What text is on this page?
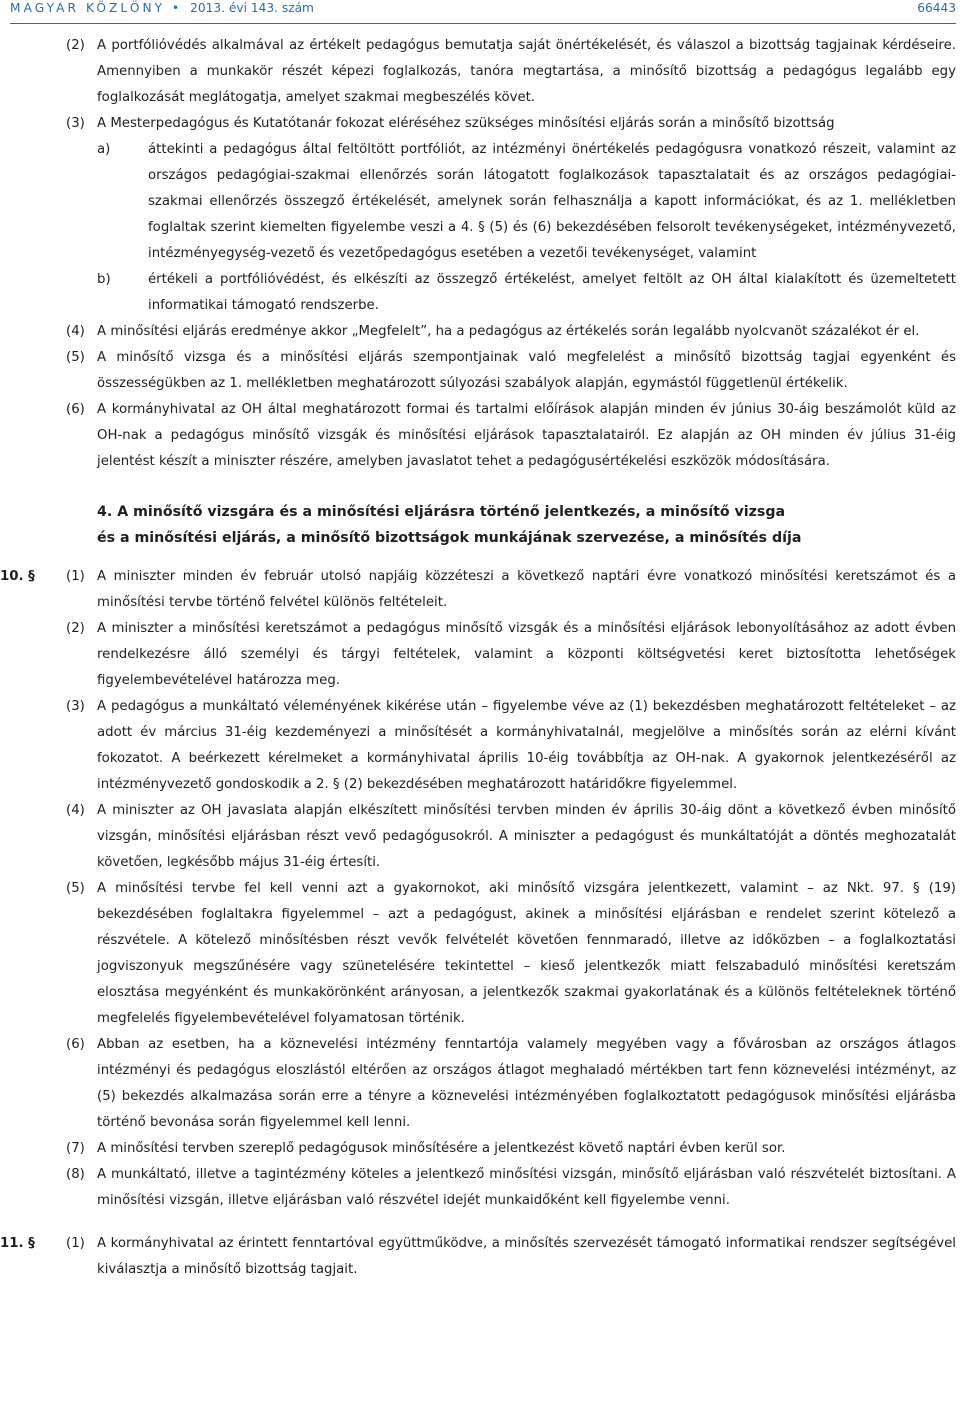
MAGYAR KÖZLÖNY • 2013. évi 143. szám	66443
(2) A portfólióvédés alkalmával az értékelt pedagógus bemutatja saját önértékelését, és válaszol a bizottság tagjainak kérdéseire. Amennyiben a munkakör részét képezi foglalkozás, tanóra megtartása, a minősítő bizottság a pedagógus legalább egy foglalkozását meglátogatja, amelyet szakmai megbeszélés követ.
(3) A Mesterpedagógus és Kutatótanár fokozat eléréséhez szükséges minősítési eljárás során a minősítő bizottság
a)	áttekinti a pedagógus által feltöltött portfóliót, az intézményi önértékelés pedagógusra vonatkozó részeit, valamint az országos pedagógiai-szakmai ellenőrzés során látogatott foglalkozások tapasztalatait és az országos pedagógiai-szakmai ellenőrzés összegző értékelését, amelynek során felhasználja a kapott információkat, és az 1. mellékletben foglaltak szerint kiemelten figyelembe veszi a 4. § (5) és (6) bekezdésében felsorolt tevékenységeket, intézményvezető, intézményegység-vezető és vezetőpedagógus esetében a vezetői tevékenységet, valamint
b)	értékeli a portfólióvédést, és elkészíti az összegző értékelést, amelyet feltölt az OH által kialakított és üzemeltetett informatikai támogató rendszerbe.
(4) A minősítési eljárás eredménye akkor „Megfelelt”, ha a pedagógus az értékelés során legalább nyolcvanöt százalékot ér el.
(5) A minősítő vizsga és a minősítési eljárás szempontjainak való megfelelést a minősítő bizottság tagjai egyenként és összességükben az 1. mellékletben meghatározott súlyozási szabályok alapján, egymástól függetlenül értékelik.
(6) A kormányhivatal az OH által meghatározott formai és tartalmi előírások alapján minden év június 30-áig beszámolót küld az OH-nak a pedagógus minősítő vizsgák és minősítési eljárások tapasztalatairól. Ez alapján az OH minden év július 31-éig jelentést készít a miniszter részére, amelyben javaslatot tehet a pedagógusértékelési eszközök módosítására.
4. A minősítő vizsgára és a minősítési eljárásra történő jelentkezés, a minősítő vizsga
és a minősítési eljárás, a minősítő bizottságok munkájának szervezése, a minősítés díja
10. § (1) A miniszter minden év február utolsó napjáig közzéteszi a következő naptári évre vonatkozó minősítési keretszámot és a minősítési tervbe történő felvétel különös feltételeit.
(2) A miniszter a minősítési keretszámot a pedagógus minősítő vizsgák és a minősítési eljárások lebonyolításához az adott évben rendelkezésre álló személyi és tárgyi feltételek, valamint a központi költségvetési keret biztosította lehetőségek figyelembevételével határozza meg.
(3) A pedagógus a munkáltató véleményének kikérése után – figyelembe véve az (1) bekezdésben meghatározott feltételeket – az adott év március 31-éig kezdeményezi a minősítését a kormányhivatalnál, megjelölve a minősítés során az elérni kívánt fokozatot. A beérkezett kérelmeket a kormányhivatal április 10-éig továbbítja az OH-nak. A gyakornok jelentkezéséről az intézményvezető gondoskodik a 2. § (2) bekezdésében meghatározott határidőkre figyelemmel.
(4) A miniszter az OH javaslata alapján elkészített minősítési tervben minden év április 30-áig dönt a következő évben minősítő vizsgán, minősítési eljárásban részt vevő pedagógusokról. A miniszter a pedagógust és munkáltatóját a döntés meghozatalát követően, legkésőbb május 31-éig értesíti.
(5) A minősítési tervbe fel kell venni azt a gyakornokot, aki minősítő vizsgára jelentkezett, valamint – az Nkt. 97. § (19) bekezdésében foglaltakra figyelemmel – azt a pedagógust, akinek a minősítési eljárásban e rendelet szerint kötelező a részvétele. A kötelező minősítésben részt vevők felvételét követően fennmaradó, illetve az időközben – a foglalkoztatási jogviszonyuk megszűnésére vagy szünetelésére tekintettel – kieső jelentkezők miatt felszabaduló minősítési keretszám elosztása megyénként és munkakörönként arányosan, a jelentkezők szakmai gyakorlatának és a különös feltételeknek történő megfelelés figyelembevételével folyamatosan történik.
(6) Abban az esetben, ha a köznevelési intézmény fenntartója valamely megyében vagy a fővárosban az országos átlagos intézményi és pedagógus eloszlástól eltérően az országos átlagot meghaladó mértékben tart fenn köznevelési intézményt, az (5) bekezdés alkalmazása során erre a tényre a köznevelési intézményében foglalkoztatott pedagógusok minősítési eljárásba történő bevonása során figyelemmel kell lenni.
(7) A minősítési tervben szereplő pedagógusok minősítésére a jelentkezést követő naptári évben kerül sor.
(8) A munkáltató, illetve a tagintézmény köteles a jelentkező minősítési vizsgán, minősítő eljárásban való részvételét biztosítani. A minősítési vizsgán, illetve eljárásban való részvétel idejét munkaidőként kell figyelembe venni.
11. § (1) A kormányhivatal az érintett fenntartóval együttműködve, a minősítés szervezését támogató informatikai rendszer segítségével kiválasztja a minősítő bizottság tagjait.
